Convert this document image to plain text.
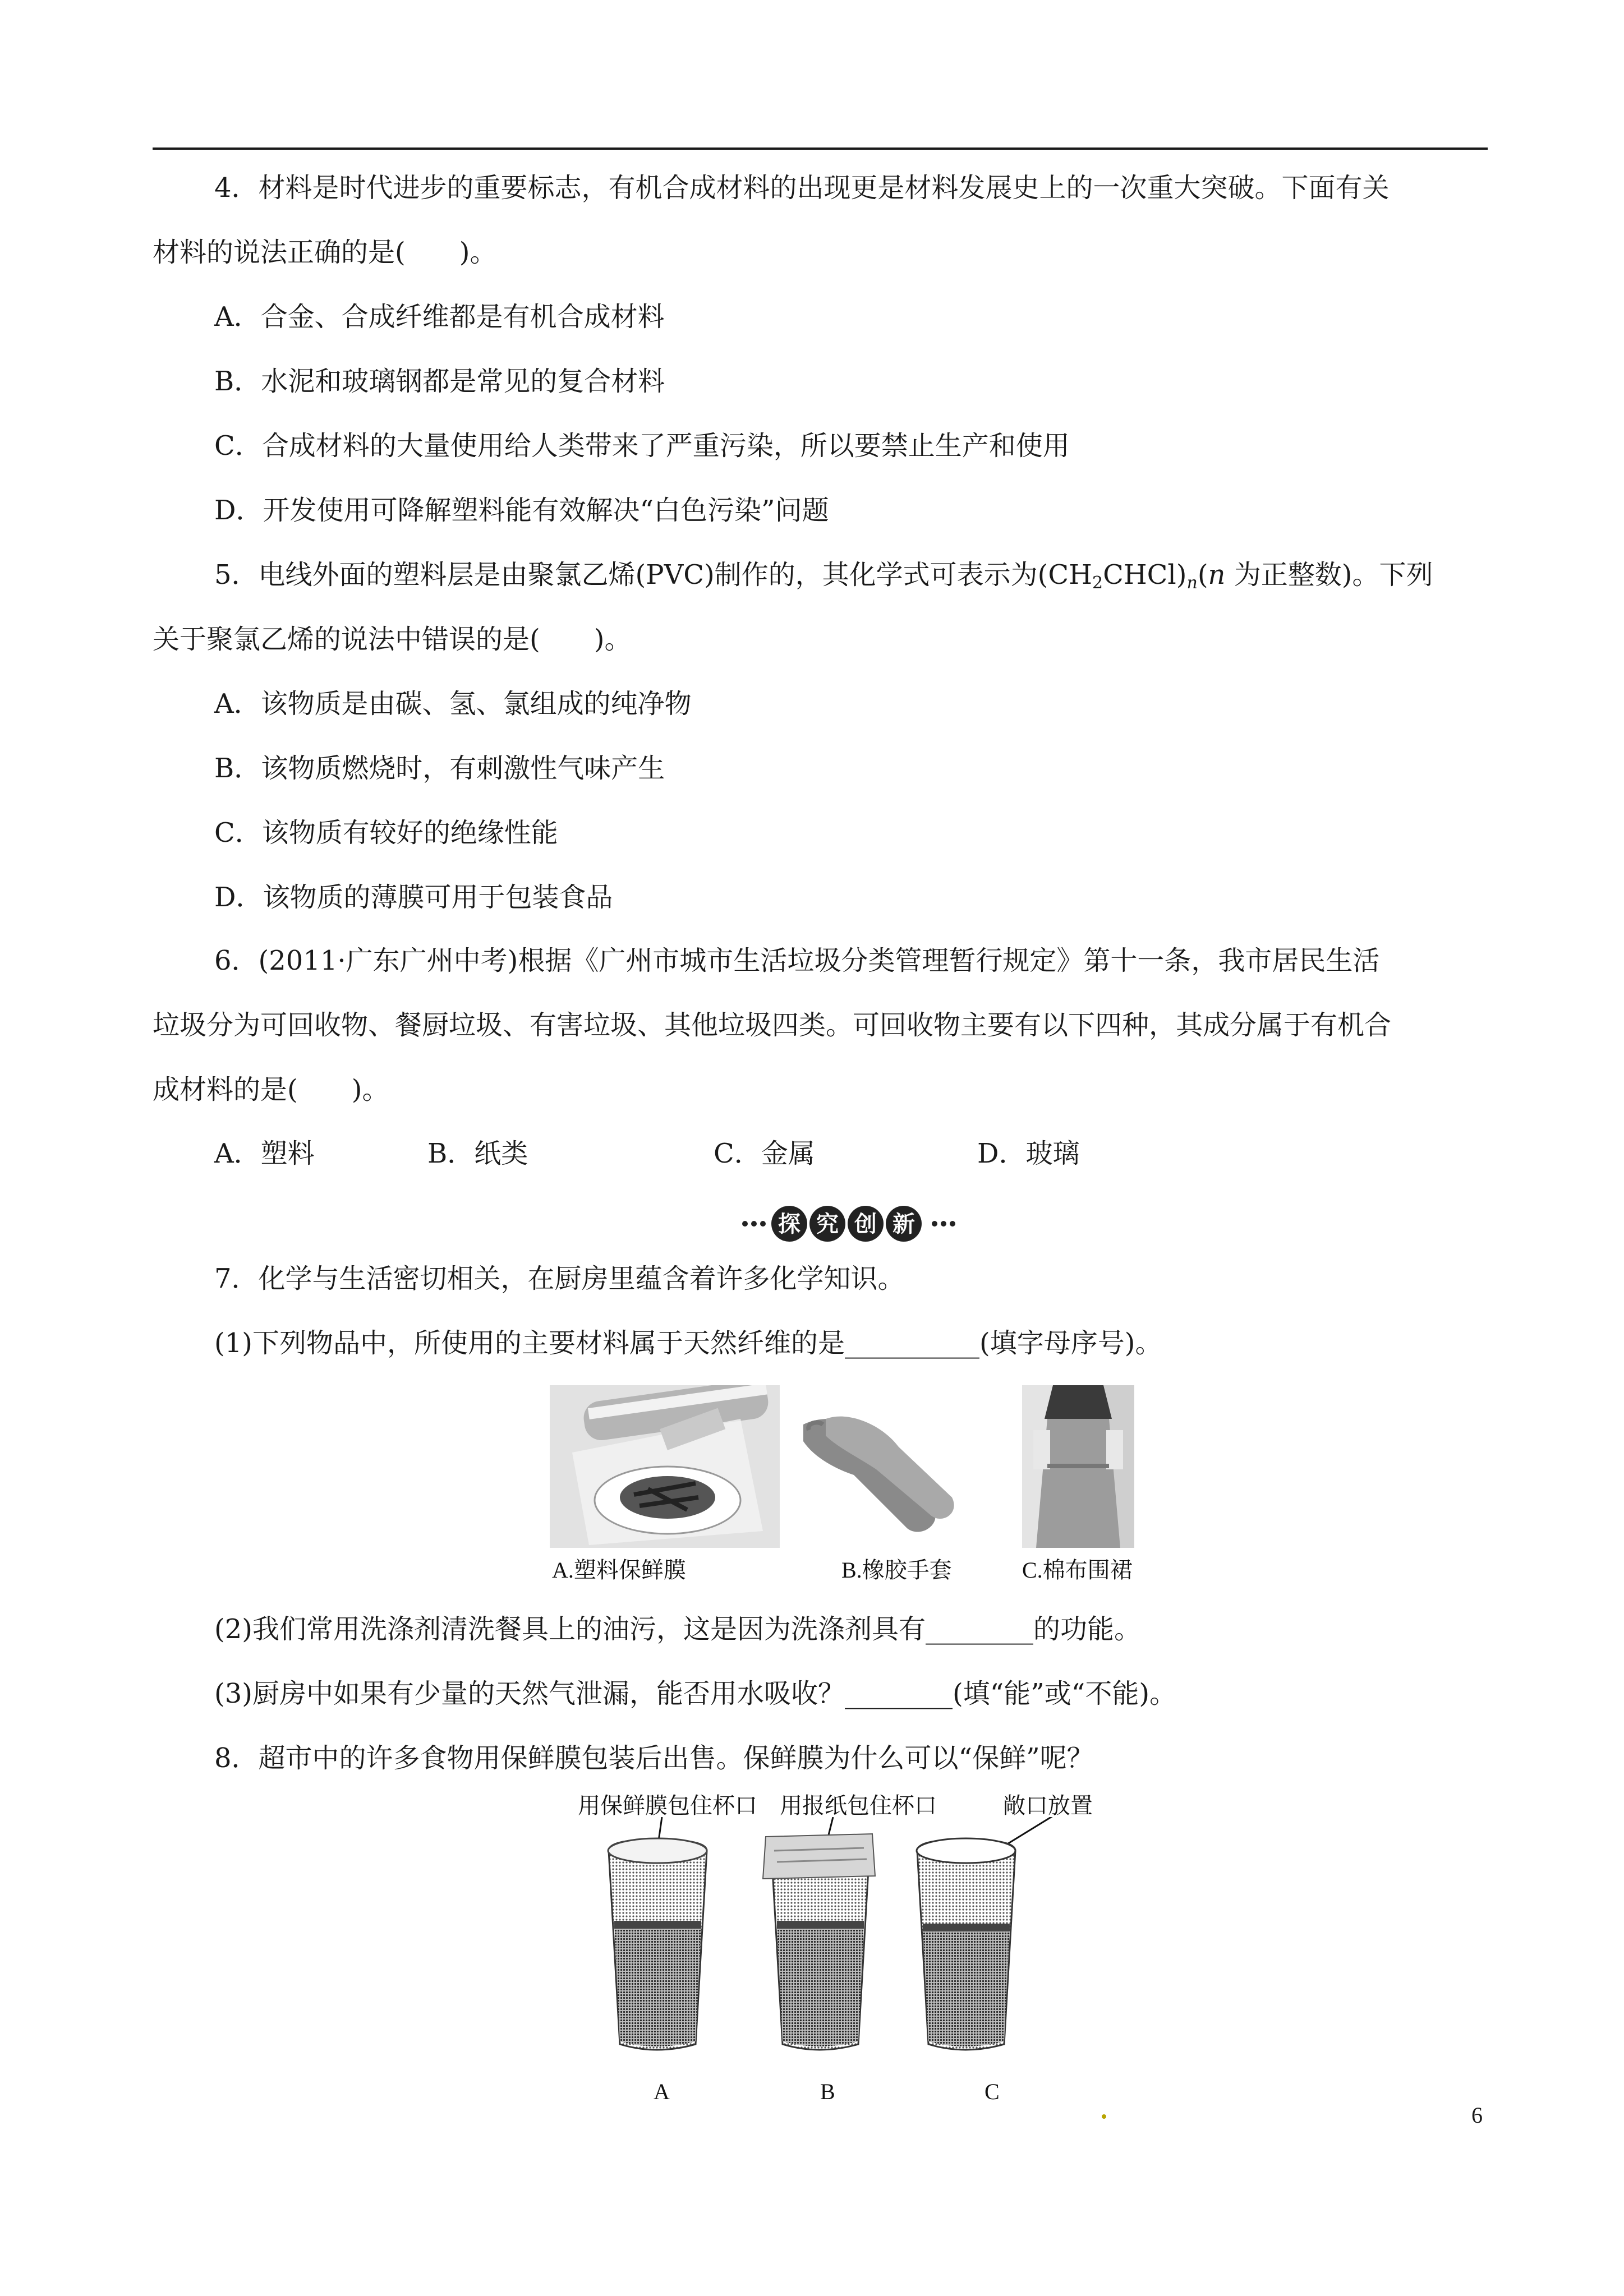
4．材料是时代进步的重要标志，有机合成材料的出现更是材料发展史上的一次重大突破。下面有关
材料的说法正确的是(　　)。
A．合金、合成纤维都是有机合成材料
B．水泥和玻璃钢都是常见的复合材料
C．合成材料的大量使用给人类带来了严重污染，所以要禁止生产和使用
D．开发使用可降解塑料能有效解决“白色污染”问题
5．电线外面的塑料层是由聚氯乙烯(PVC)制作的，其化学式可表示为$(CH_2CHCl)_n(n$ 为正整数)。下列
关于聚氯乙烯的说法中错误的是(　　)。
A．该物质是由碳、氢、氯组成的纯净物
B．该物质燃烧时，有刺激性气味产生
C．该物质有较好的绝缘性能
D．该物质的薄膜可用于包装食品
6．(2011·广东广州中考)根据《广州市城市生活垃圾分类管理暂行规定》第十一条，我市居民生活
垃圾分为可回收物、餐厨垃圾、有害垃圾、其他垃圾四类。可回收物主要有以下四种，其成分属于有机合
成材料的是(　　)。
A．塑料	B．纸类	C．金属	D．玻璃
探 究 创 新
7．化学与生活密切相关，在厨房里蕴含着许多化学知识。
(1)下列物品中，所使用的主要材料属于天然纤维的是__________(填字母序号)。
A.塑料保鲜膜	B.橡胶手套	C.棉布围裙
(2)我们常用洗涤剂清洗餐具上的油污，这是因为洗涤剂具有________的功能。
(3)厨房中如果有少量的天然气泄漏，能否用水吸收？________(填“能”或“不能)。
8．超市中的许多食物用保鲜膜包装后出售。保鲜膜为什么可以“保鲜”呢？
用保鲜膜包住杯口 用报纸包住杯口	敞口放置
A	B	C
6
